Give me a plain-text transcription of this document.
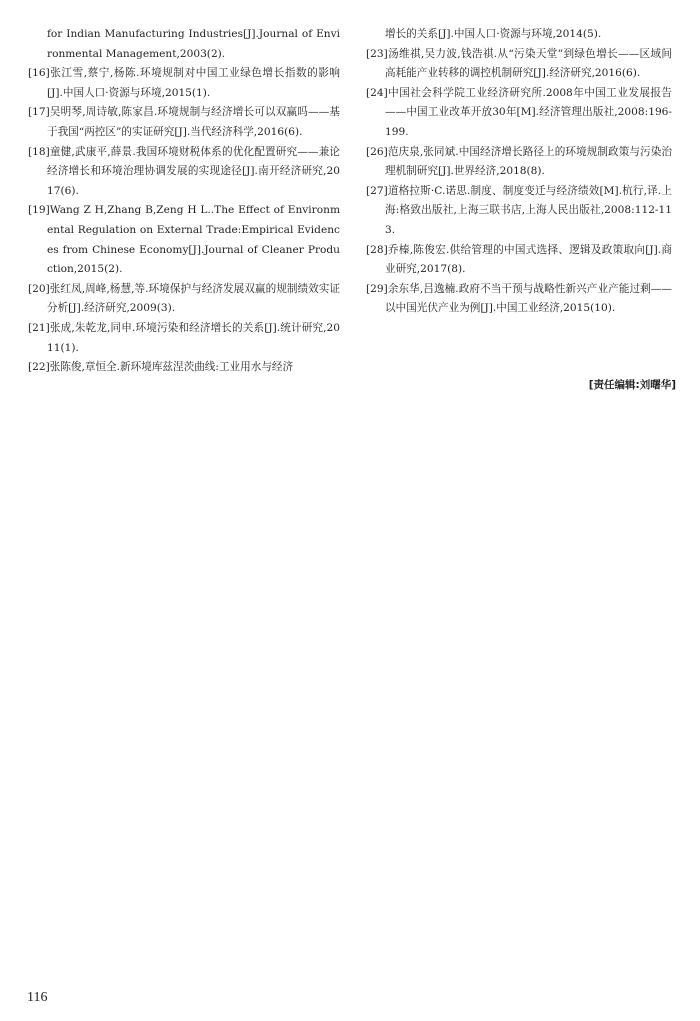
for Indian Manufacturing Industries[J].Journal of Environmental Management,2003(2).
[16]张江雪,蔡宁,杨陈.环境规制对中国工业绿色增长指数的影响[J].中国人口·资源与环境,2015(1).
[17]吴明琴,周诗敏,陈家昌.环境规制与经济增长可以双赢吗——基于我国“两控区”的实证研究[J].当代经济科学,2016(6).
[18]童健,武康平,薛景.我国环境财税体系的优化配置研究——兼论经济增长和环境治理协调发展的实现途径[J].南开经济研究,2017(6).
[19]Wang Z H,Zhang B,Zeng H L..The Effect of Environmental Regulation on External Trade:Empirical Evidences from Chinese Economy[J].Journal of Cleaner Production,2015(2).
[20]张红凤,周峰,杨慧,等.环境保护与经济发展双赢的规制绩效实证分析[J].经济研究,2009(3).
[21]张成,朱乾龙,同申.环境污染和经济增长的关系[J].统计研究,2011(1).
[22]张陈俊,章恒全.新环境库兹涅茨曲线:工业用水与经济
增长的关系[J].中国人口·资源与环境,2014(5).
[23]汤维祺,吴力波,钱浩祺.从“污染天堂”到绿色增长——区域间高耗能产业转移的调控机制研究[J].经济研究,2016(6).
[24]中国社会科学院工业经济研究所.2008年中国工业发展报告——中国工业改革开放30年[M].经济管理出版社,2008:196-199.
[26]范庆泉,张同斌.中国经济增长路径上的环境规制政策与污染治理机制研究[J].世界经济,2018(8).
[27]道格拉斯·C.诺思.制度、制度变迁与经济绩效[M].杭行,译.上海:格致出版社,上海三联书店,上海人民出版社,2008:112-113.
[28]乔榛,陈俊宏.供给管理的中国式选择、逻辑及政策取向[J].商业研究,2017(8).
[29]余东华,吕逸楠.政府不当干预与战略性新兴产业产能过剩——以中国光伏产业为例[J].中国工业经济,2015(10).
[责任编辑:刘曙华]
116
